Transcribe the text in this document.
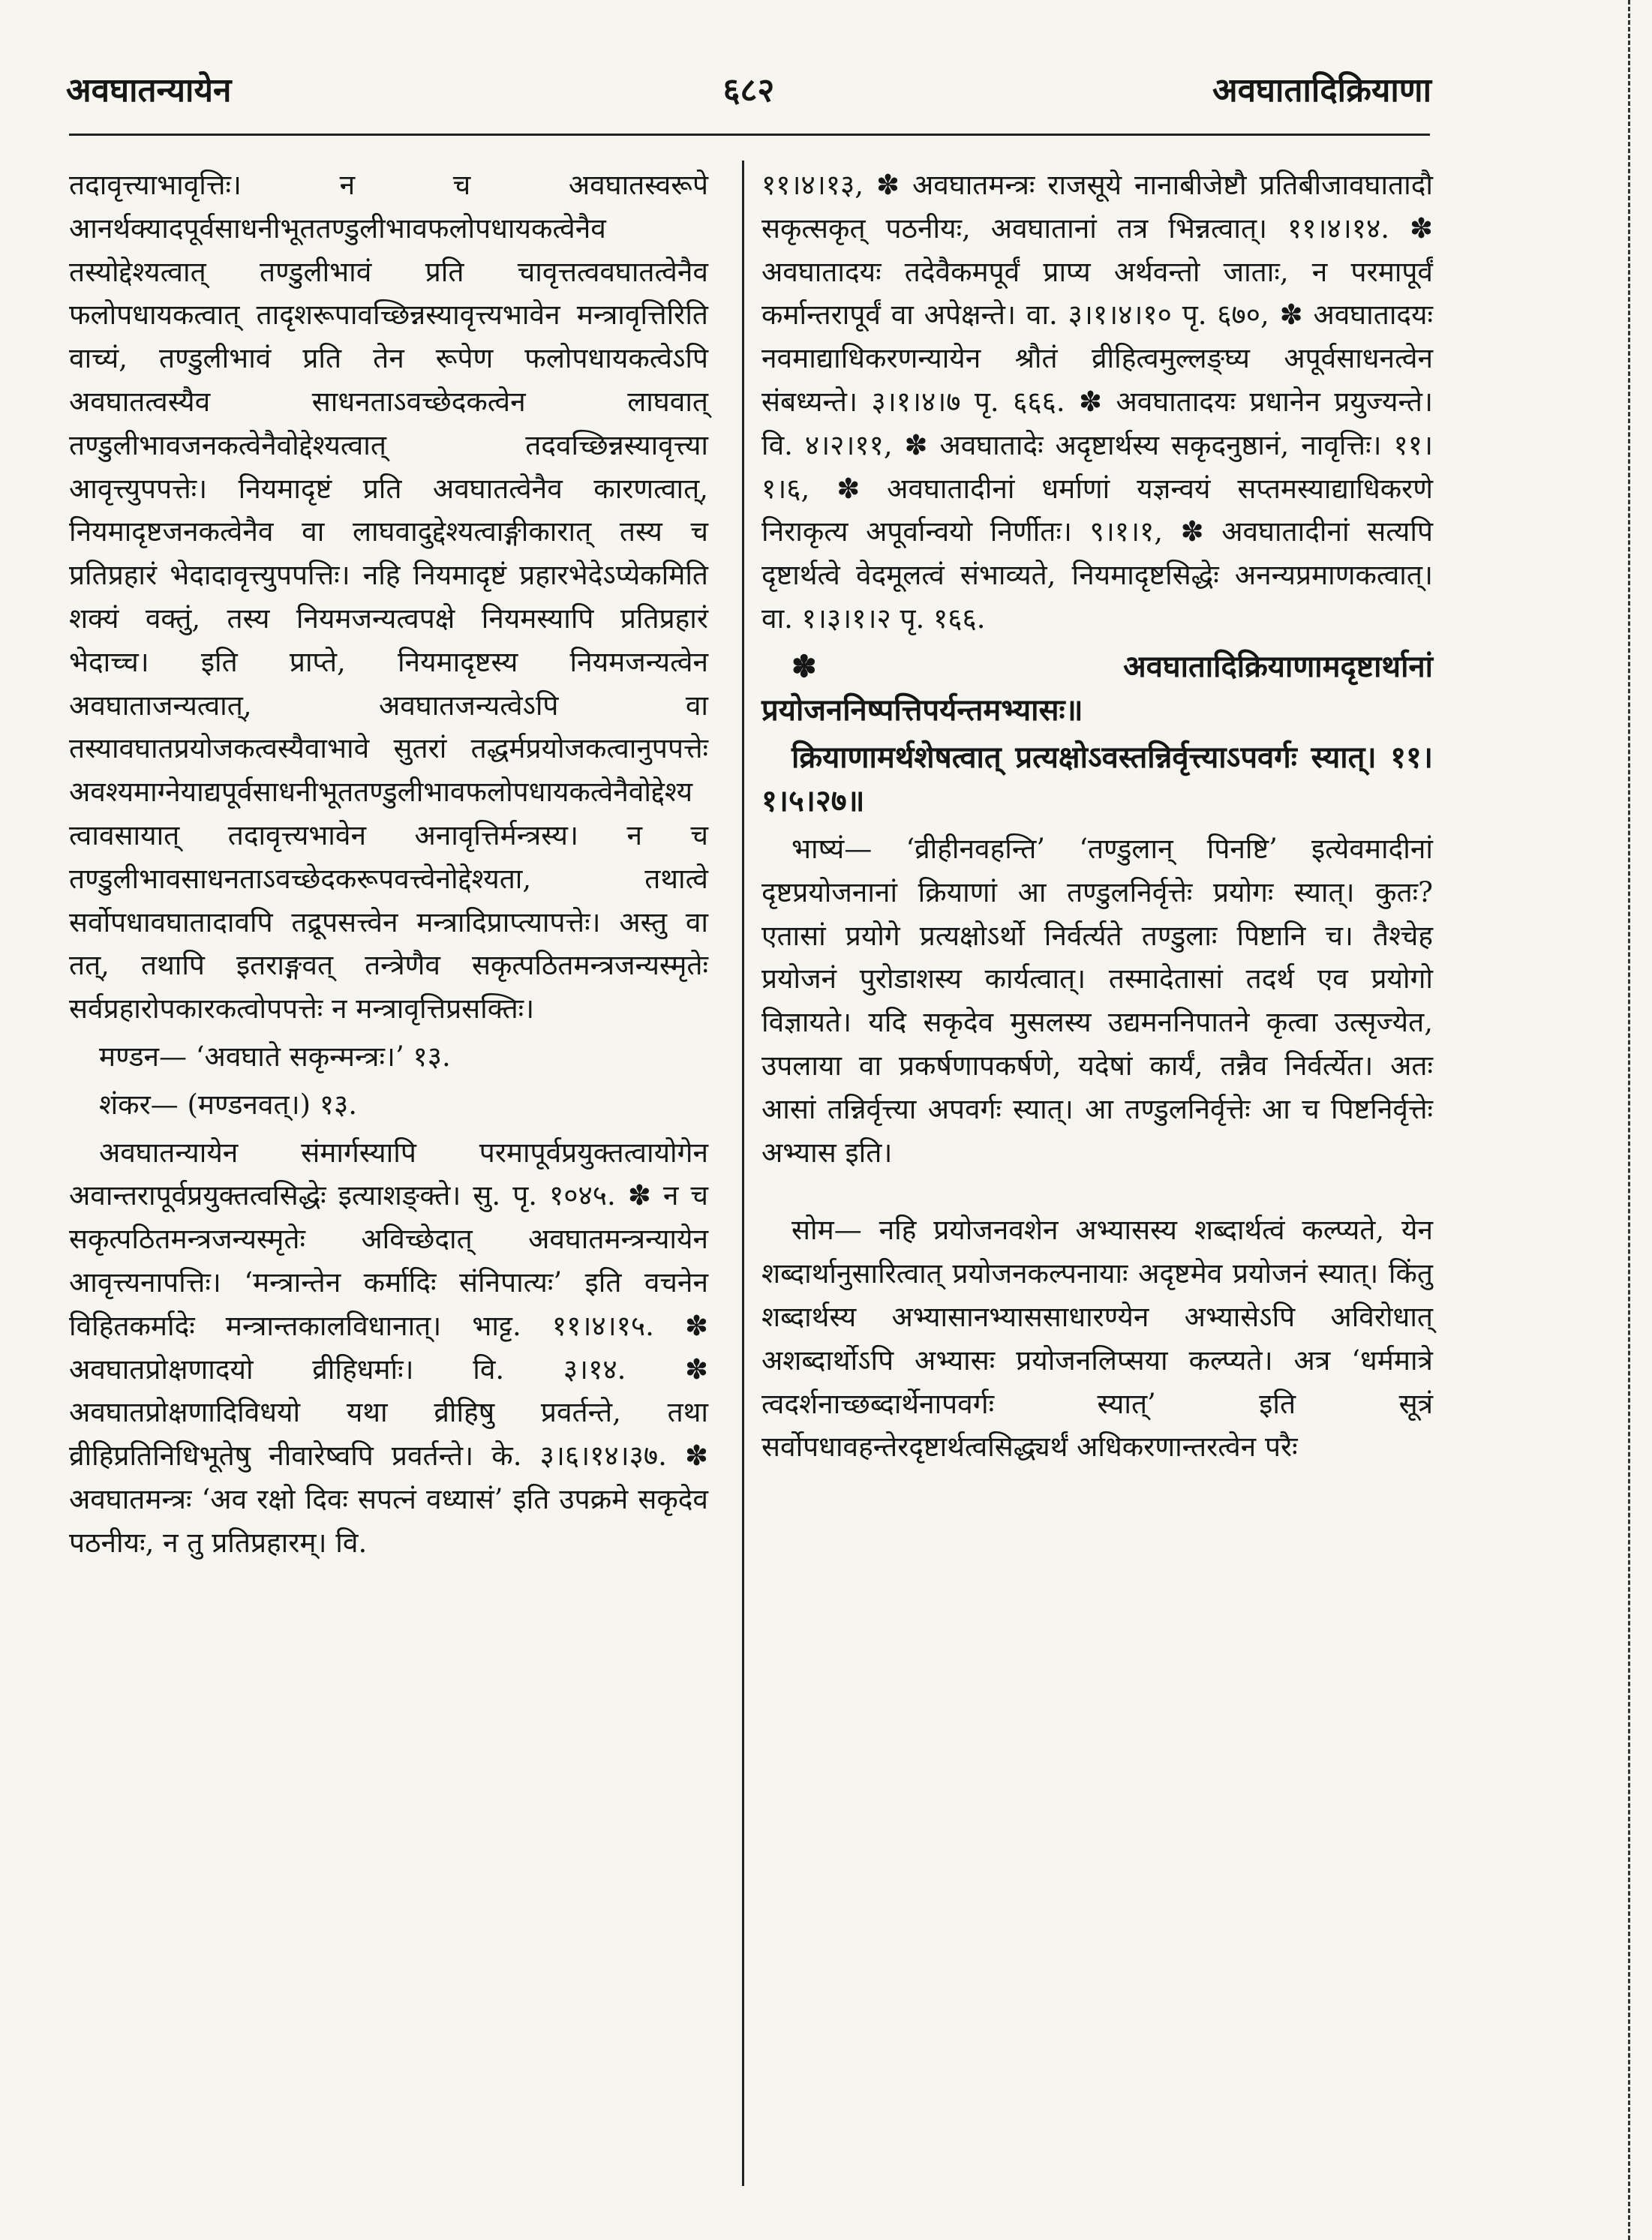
अवघातन्यायेन	६८२	अवघातादिक्रियाणा

तदावृत्त्याभावृत्तिः। न च अवघातस्वरूपे आनर्थक्यादपूर्वसाधनीभूततण्डुलीभावफलोपधायकत्वेनैव तस्योद्देश्यत्वात् तण्डुलीभावं प्रति चावृत्तत्ववघातत्वेनैव फलोपधायकत्वात् तादृशरूपावच्छिन्नस्यावृत्त्यभावेन मन्त्रावृत्तिरिति वाच्यं, तण्डुलीभावं प्रति तेन रूपेण फलोपधायकत्वेऽपि अवघातत्वस्यैव साधनताऽवच्छेदकत्वेन लाघवात् तण्डुलीभावजनकत्वेनैवोद्देश्यत्वात् तदवच्छिन्नस्यावृत्त्या आवृत्त्युपपत्तेः। नियमादृष्टं प्रति अवघातत्वेनैव कारणत्वात्, नियमादृष्टजनकत्वेनैव वा लाघवादुद्देश्यत्वाङ्गीकारात् तस्य च प्रतिप्रहारं भेदादावृत्त्युपपत्तिः। नहि नियमादृष्टं प्रहारभेदेऽप्येकमिति शक्यं वक्तुं, तस्य नियमजन्यत्वपक्षे नियमस्यापि प्रतिप्रहारं भेदाच्च। इति प्राप्ते, नियमादृष्टस्य नियमजन्यत्वेन अवघाताजन्यत्वात्, अवघातजन्यत्वेऽपि वा तस्यावघातप्रयोजकत्वस्यैवाभावे सुतरां तद्धर्मप्रयोजकत्वानुपपत्तेः अवश्यमाग्नेयाद्यपूर्वसाधनीभूततण्डुलीभावफलोपधायकत्वेनैवोद्देश्यत्वावसायात् तदावृत्त्यभावेन अनावृत्तिर्मन्त्रस्य। न च तण्डुलीभावसाधनताऽवच्छेदकरूपवत्त्वेनोद्देश्यता, तथात्वे सर्वोपधावघातादावपि तद्रूपसत्त्वेन मन्त्रादिप्राप्त्यापत्तेः। अस्तु वा तत्, तथापि इतराङ्गवत् तन्त्रेणैव सकृत्पठितमन्त्रजन्यस्मृतेः सर्वप्रहारोपकारकत्वोपपत्तेः न मन्त्रावृत्तिप्रसक्तिः।

मण्डन— ‘अवघाते सकृन्मन्त्रः।’ १३.

शंकर— (मण्डनवत्।) १३.

अवघातन्यायेन संमार्गस्यापि परमापूर्वप्रयुक्तत्वायोगेन अवान्तरापूर्वप्रयुक्तत्वसिद्धेः इत्याशङ्क्ते। सु. पृ. १०४५. ✽ न च सकृत्पठितमन्त्रजन्यस्मृतेः अविच्छेदात् अवघातमन्त्रन्यायेन आवृत्त्यनापत्तिः। ‘मन्त्रान्तेन कर्मादिः संनिपात्यः’ इति वचनेन विहितकर्मादेः मन्त्रान्तकालविधानात्। भाट्ट. ११।४।१५. ✽ अवघातप्रोक्षणादयो व्रीहिधर्माः। वि. ३।१४. ✽ अवघातप्रोक्षणादिविधयो यथा व्रीहिषु प्रवर्तन्ते, तथा व्रीहिप्रतिनिधिभूतेषु नीवारेष्वपि प्रवर्तन्ते। के. ३।६।१४।३७. ✽ अवघातमन्त्रः ‘अव रक्षो दिवः सपत्नं वध्यासं’ इति उपक्रमे सकृदेव पठनीयः, न तु प्रतिप्रहारम्। वि.

११।४।१३, ✽ अवघातमन्त्रः राजसूये नानाबीजेष्टौ प्रतिबीजावघातादौ सकृत्सकृत् पठनीयः, अवघातानां तत्र भिन्नत्वात्। ११।४।१४. ✽ अवघातादयः तदेवैकमपूर्वं प्राप्य अर्थवन्तो जाताः, न परमापूर्वं कर्मान्तरापूर्वं वा अपेक्षन्ते। वा. ३।१।४।१० पृ. ६७०, ✽ अवघातादयः नवमाद्याधिकरणन्यायेन श्रौतं व्रीहित्वमुल्लङ्घ्य अपूर्वसाधनत्वेन संबध्यन्ते। ३।१।४।७ पृ. ६६६. ✽ अवघातादयः प्रधानेन प्रयुज्यन्ते। वि. ४।२।११, ✽ अवघातादेः अदृष्टार्थस्य सकृदनुष्ठानं, नावृत्तिः। ११।१।६, ✽ अवघातादीनां धर्माणां यज्ञन्वयं सप्तमस्याद्याधिकरणे निराकृत्य अपूर्वान्वयो निर्णीतः। ९।१।१, ✽ अवघातादीनां सत्यपि दृष्टार्थत्वे वेदमूलत्वं संभाव्यते, नियमादृष्टसिद्धेः अनन्यप्रमाणकत्वात्। वा. १।३।१।२ पृ. १६६.

✽ अवघातादिक्रियाणामदृष्टार्थानां प्रयोजननिष्पत्तिपर्यन्तमभ्यासः॥

क्रियाणामर्थशेषत्वात् प्रत्यक्षोऽवस्तन्निर्वृत्त्याऽपवर्गः स्यात्। ११।१।५।२७॥

भाष्यं— ‘व्रीहीनवहन्ति’ ‘तण्डुलान् पिनष्टि’ इत्येवमादीनां दृष्टप्रयोजनानां क्रियाणां आ तण्डुलनिर्वृत्तेः प्रयोगः स्यात्। कुतः? एतासां प्रयोगे प्रत्यक्षोऽर्थो निर्वर्त्यते तण्डुलाः पिष्टानि च। तैश्चेह प्रयोजनं पुरोडाशस्य कार्यत्वात्। तस्मादेतासां तदर्थ एव प्रयोगो विज्ञायते। यदि सकृदेव मुसलस्य उद्यमननिपातने कृत्वा उत्सृज्येत, उपलाया वा प्रकर्षणापकर्षणे, यदेषां कार्यं, तन्नैव निर्वर्त्येत। अतः आसां तन्निर्वृत्त्या अपवर्गः स्यात्। आ तण्डुलनिर्वृत्तेः आ च पिष्टनिर्वृत्तेः अभ्यास इति।

सोम— नहि प्रयोजनवशेन अभ्यासस्य शब्दार्थत्वं कल्प्यते, येन शब्दार्थानुसारित्वात् प्रयोजनकल्पनायाः अदृष्टमेव प्रयोजनं स्यात्। किंतु शब्दार्थस्य अभ्यासानभ्याससाधारण्येन अभ्यासेऽपि अविरोधात् अशब्दार्थोऽपि अभ्यासः प्रयोजनलिप्सया कल्प्यते। अत्र ‘धर्ममात्रे त्वदर्शनाच्छब्दार्थेनापवर्गः स्यात्’ इति सूत्रं सर्वोपधावहन्तेरदृष्टार्थत्वसिद्ध्यर्थं अधिकरणान्तरत्वेन परैः
